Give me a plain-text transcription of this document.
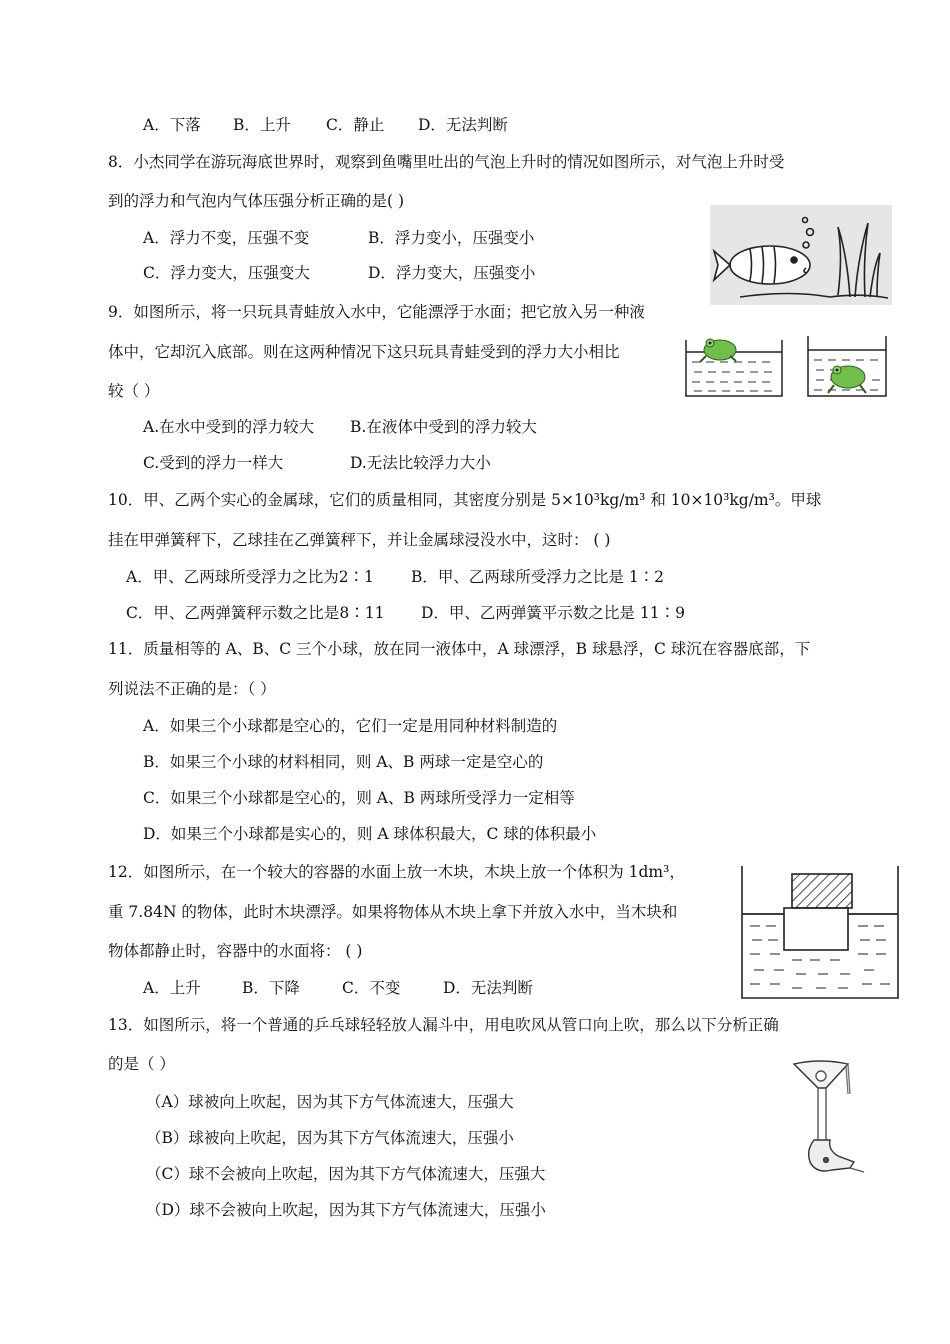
A．下落 B．上升 C．静止 D．无法判断
8．小杰同学在游玩海底世界时，观察到鱼嘴里吐出的气泡上升时的情况如图所示，对气泡上升时受
到的浮力和气泡内气体压强分析正确的是( )
A．浮力不变，压强不变	B．浮力变小，压强变小
C．浮力变大，压强变大	D．浮力变大，压强变小
9．如图所示，将一只玩具青蛙放入水中，它能漂浮于水面；把它放入另一种液
体中，它却沉入底部。则在这两种情况下这只玩具青蛙受到的浮力大小相比
较（ ）
A.在水中受到的浮力较大 B.在液体中受到的浮力较大
C.受到的浮力一样大	D.无法比较浮力大小
10．甲、乙两个实心的金属球，它们的质量相同，其密度分别是 5×10³kg/m³ 和 10×10³kg/m³。甲球
挂在甲弹簧秤下，乙球挂在乙弹簧秤下，并让金属球浸没水中，这时： ( )
A．甲、乙两球所受浮力之比为2∶1 B．甲、乙两球所受浮力之比是 1∶2
C．甲、乙两弹簧秤示数之比是8∶11 D．甲、乙两弹簧平示数之比是 11∶9
11．质量相等的 A、B、C 三个小球，放在同一液体中，A 球漂浮，B 球悬浮，C 球沉在容器底部，下
列说法不正确的是：（ ）
A．如果三个小球都是空心的，它们一定是用同种材料制造的
B．如果三个小球的材料相同，则 A、B 两球一定是空心的
C．如果三个小球都是空心的，则 A、B 两球所受浮力一定相等
D．如果三个小球都是实心的，则 A 球体积最大，C 球的体积最小
12．如图所示，在一个较大的容器的水面上放一木块，木块上放一个体积为 1dm³，
重 7.84N 的物体，此时木块漂浮。如果将物体从木块上拿下并放入水中，当木块和
物体都静止时，容器中的水面将： ( )
A．上升	B．下降	C．不变	D．无法判断
13．如图所示，将一个普通的乒乓球轻轻放人漏斗中，用电吹风从管口向上吹，那么以下分析正确
的是（ ）
（A）球被向上吹起，因为其下方气体流速大，压强大
（B）球被向上吹起，因为其下方气体流速大，压强小
（C）球不会被向上吹起，因为其下方气体流速大，压强大
（D）球不会被向上吹起，因为其下方气体流速大，压强小
